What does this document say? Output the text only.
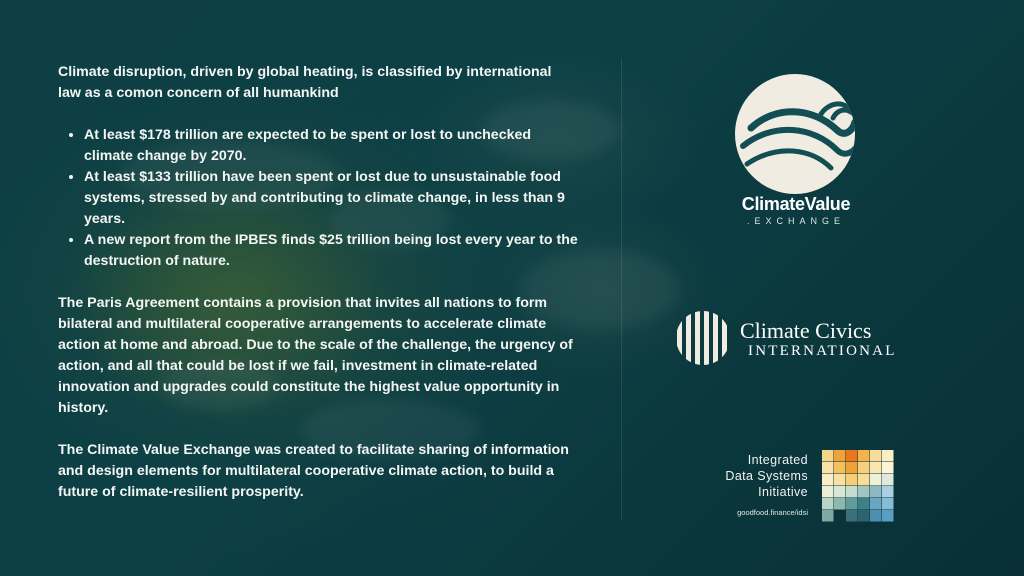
Climate disruption, driven by global heating, is classified by international law as a comon concern of all humankind

• At least $178 trillion are expected to be spent or lost to unchecked climate change by 2070.
• At least $133 trillion have been spent or lost due to unsustainable food systems, stressed by and contributing to climate change, in less than 9 years.
• A new report from the IPBES finds $25 trillion being lost every year to the destruction of nature.

The Paris Agreement contains a provision that invites all nations to form bilateral and multilateral cooperative arrangements to accelerate climate action at home and abroad. Due to the scale of the challenge, the urgency of action, and all that could be lost if we fail, investment in climate-related innovation and upgrades could constitute the highest value opportunity in history.

The Climate Value Exchange was created to facilitate sharing of information and design elements for multilateral cooperative climate action, to build a future of climate-resilient prosperity.

ClimateValue
.EXCHANGE
Climate Civics
INTERNATIONAL
Integrated
Data Systems
Initiative
goodfood.finance/idsi
